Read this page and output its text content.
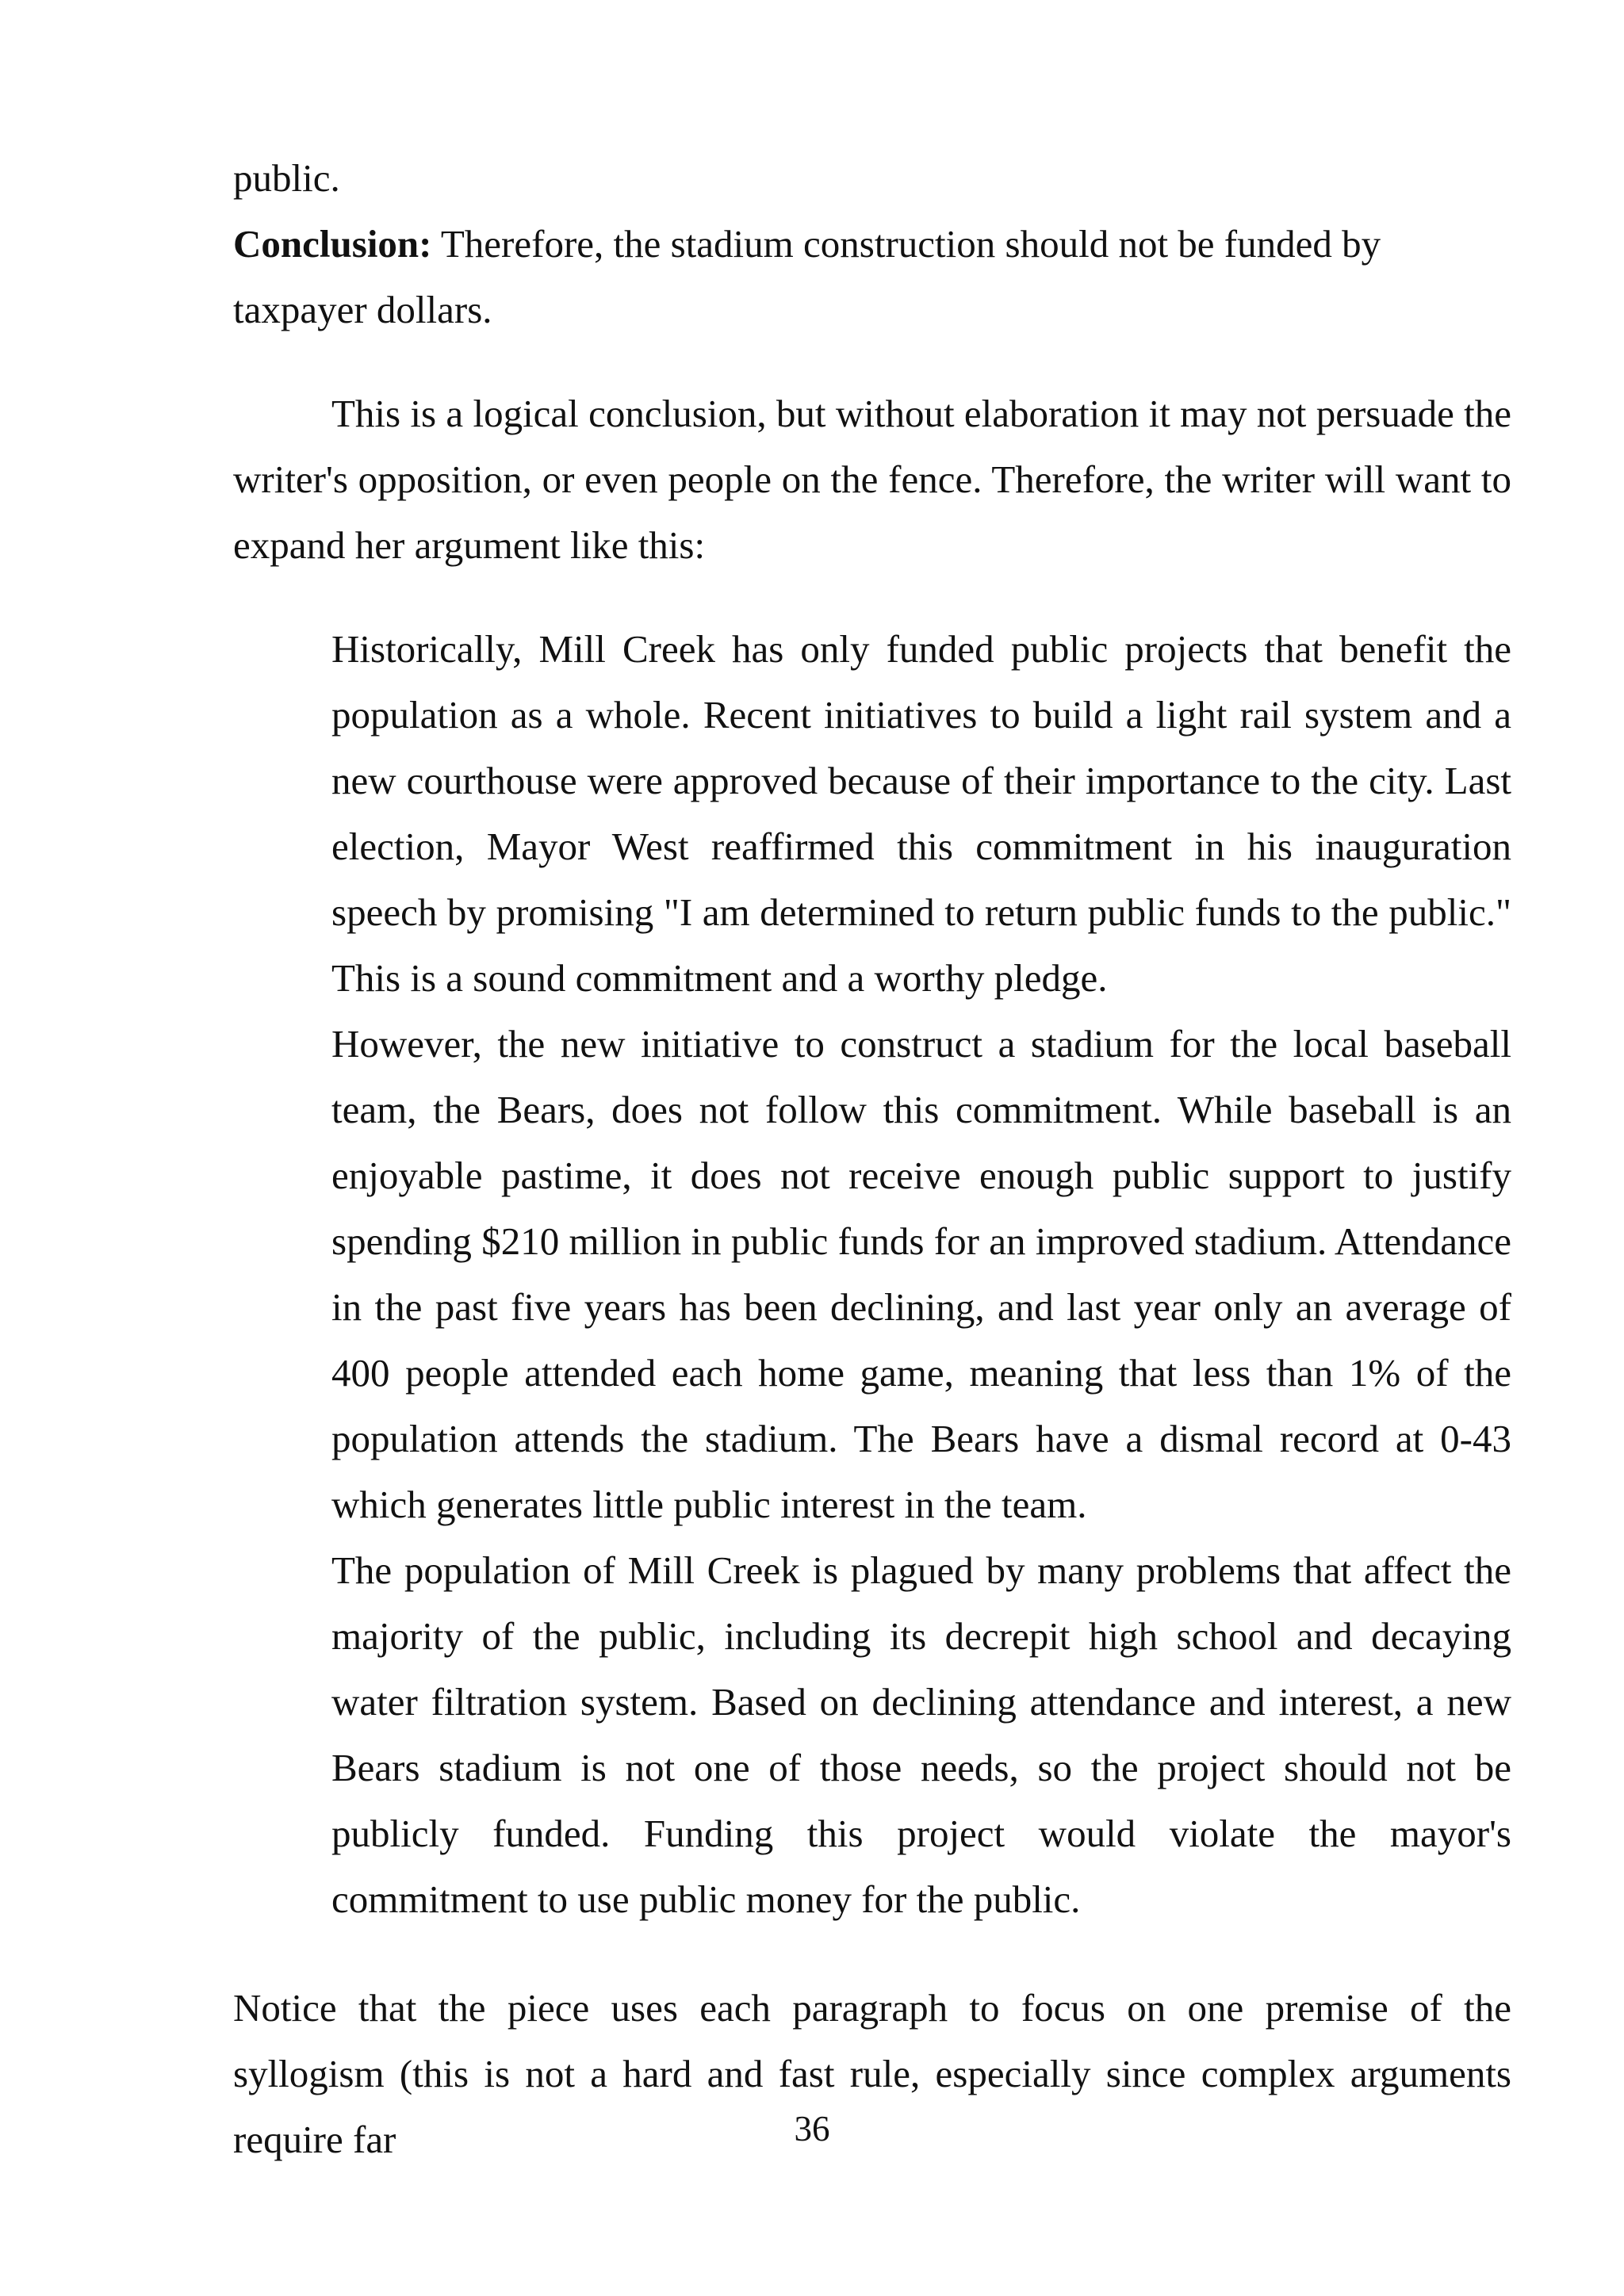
public.

Conclusion: Therefore, the stadium construction should not be funded by taxpayer dollars.

This is a logical conclusion, but without elaboration it may not persuade the writer's opposition, or even people on the fence. Therefore, the writer will want to expand her argument like this:

Historically, Mill Creek has only funded public projects that benefit the population as a whole. Recent initiatives to build a light rail system and a new courthouse were approved because of their importance to the city. Last election, Mayor West reaffirmed this commitment in his inauguration speech by promising "I am determined to return public funds to the public." This is a sound commitment and a worthy pledge.

However, the new initiative to construct a stadium for the local baseball team, the Bears, does not follow this commitment. While baseball is an enjoyable pastime, it does not receive enough public support to justify spending $210 million in public funds for an improved stadium. Attendance in the past five years has been declining, and last year only an average of 400 people attended each home game, meaning that less than 1% of the population attends the stadium. The Bears have a dismal record at 0-43 which generates little public interest in the team.

The population of Mill Creek is plagued by many problems that affect the majority of the public, including its decrepit high school and decaying water filtration system. Based on declining attendance and interest, a new Bears stadium is not one of those needs, so the project should not be publicly funded. Funding this project would violate the mayor's commitment to use public money for the public.

Notice that the piece uses each paragraph to focus on one premise of the syllogism (this is not a hard and fast rule, especially since complex arguments require far	36
